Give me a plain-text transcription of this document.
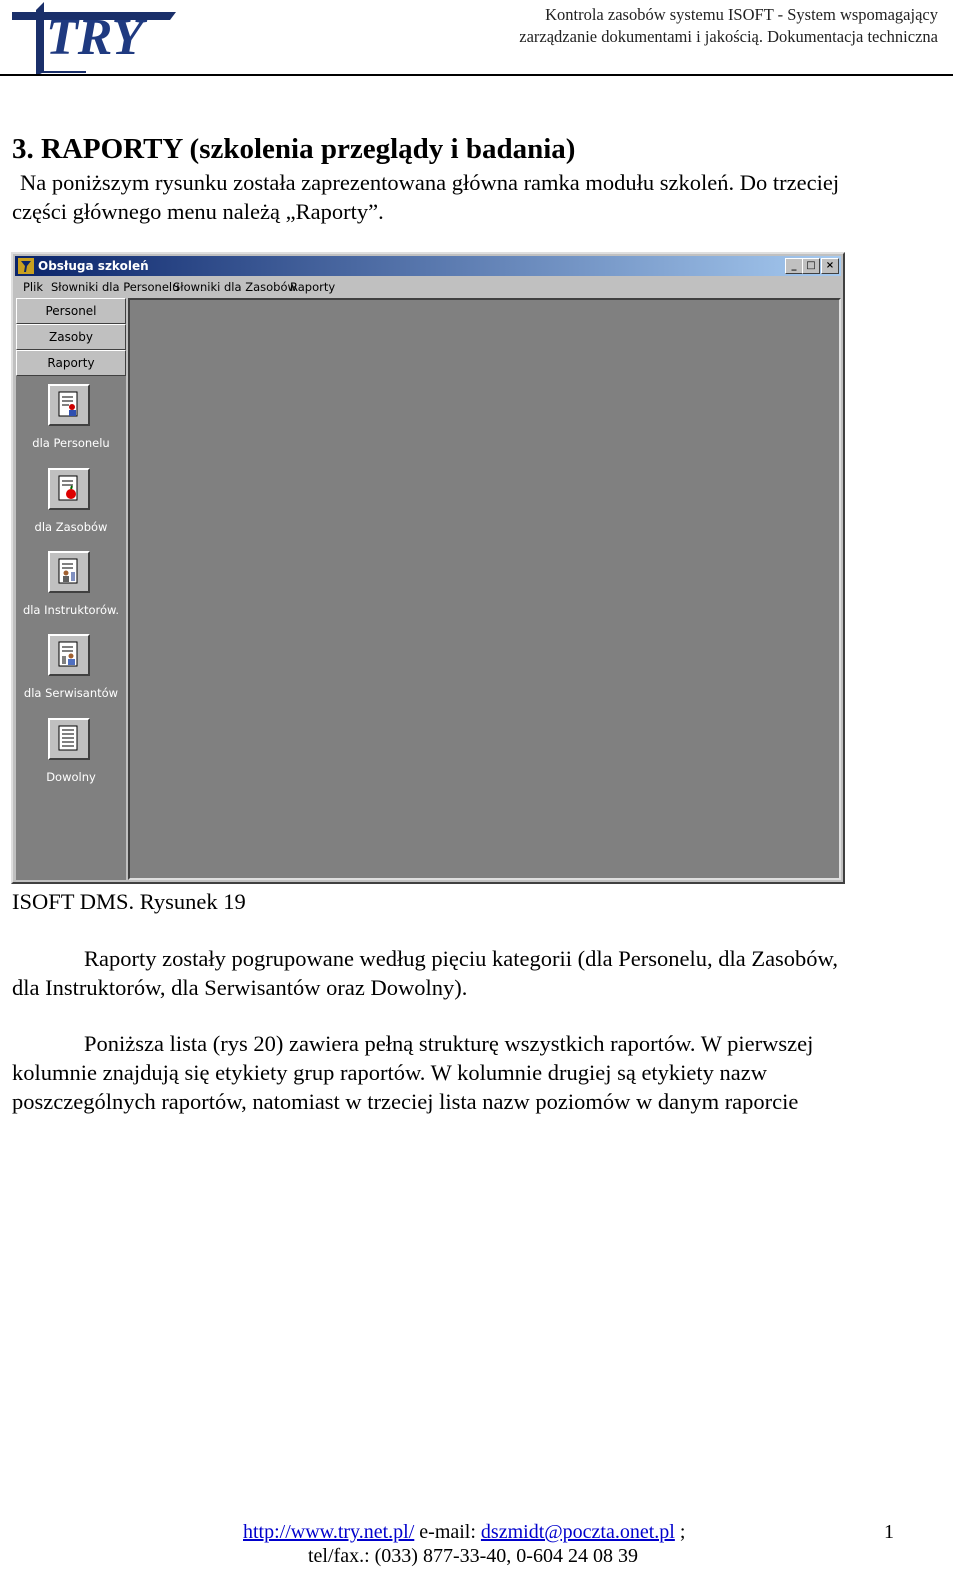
TRY	Kontrola zasobów systemu ISOFT - System wspomagający
zarządzanie dokumentami i jakością. Dokumentacja techniczna
3. RAPORTY (szkolenia przeglądy i badania)
Na poniższym rysunku została zaprezentowana główna ramka modułu szkoleń. Do trzeciej
części głównego menu należą „Raporty”.
Obsługa szkoleń	_ □	×
Plik Słowniki dla Personelu
Słowniki dla Zasobów
Raporty
Personel
Zasoby
Raporty
dla Personelu
dla Zasobów
dla Instruktorów.
dla Serwisantów
Dowolny
ISOFT DMS. Rysunek 19
Raporty zostały pogrupowane według pięciu kategorii (dla Personelu, dla Zasobów,
dla Instruktorów, dla Serwisantów oraz Dowolny).
Poniższa lista (rys 20) zawiera pełną strukturę wszystkich raportów. W pierwszej
kolumnie znajdują się etykiety grup raportów. W kolumnie drugiej są etykiety nazw
poszczególnych raportów, natomiast w trzeciej lista nazw poziomów w danym raporcie
http://www.try.net.pl/ e-mail: dszmidt@poczta.onet.pl ;
tel/fax.: (033) 877-33-40, 0-604 24 08 39
1
